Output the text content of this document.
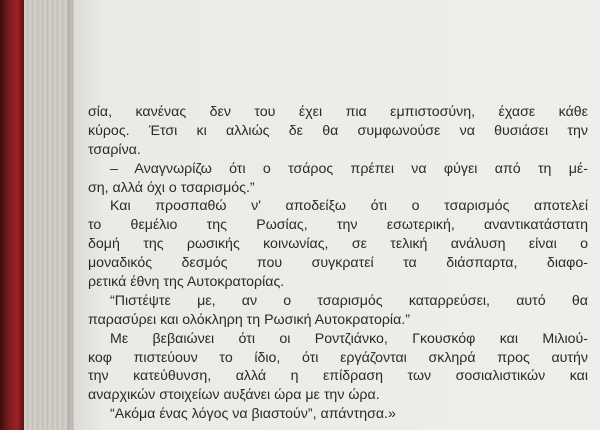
σία, κανένας δεν του έχει πια εμπιστοσύνη, έχασε κάθε
κύρος. Έτσι κι αλλιώς δε θα συμφωνούσε να θυσιάσει την
τσαρίνα.
– Αναγνωρίζω ότι ο τσάρος πρέπει να φύγει από τη μέ-
ση, αλλά όχι ο τσαρισμός.”
Και προσπαθώ ν' αποδείξω ότι ο τσαρισμός αποτελεί
το θεμέλιο της Ρωσίας, την εσωτερική, αναντικατάστατη
δομή της ρωσικής κοινωνίας, σε τελική ανάλυση είναι ο
μοναδικός δεσμός που συγκρατεί τα διάσπαρτα, διαφο-
ρετικά έθνη της Αυτοκρατορίας.
“Πιστέψτε με, αν ο τσαρισμός καταρρεύσει, αυτό θα
παρασύρει και ολόκληρη τη Ρωσική Αυτοκρατορία.”
Με βεβαιώνει ότι οι Ροντζιάνκο, Γκουσκόφ και Μιλιού-
κοφ πιστεύουν το ίδιο, ότι εργάζονται σκληρά προς αυτήν
την κατεύθυνση, αλλά η επίδραση των σοσιαλιστικών και
αναρχικών στοιχείων αυξάνει ώρα με την ώρα.
“Ακόμα ένας λόγος να βιαστούν”, απάντησα.»
